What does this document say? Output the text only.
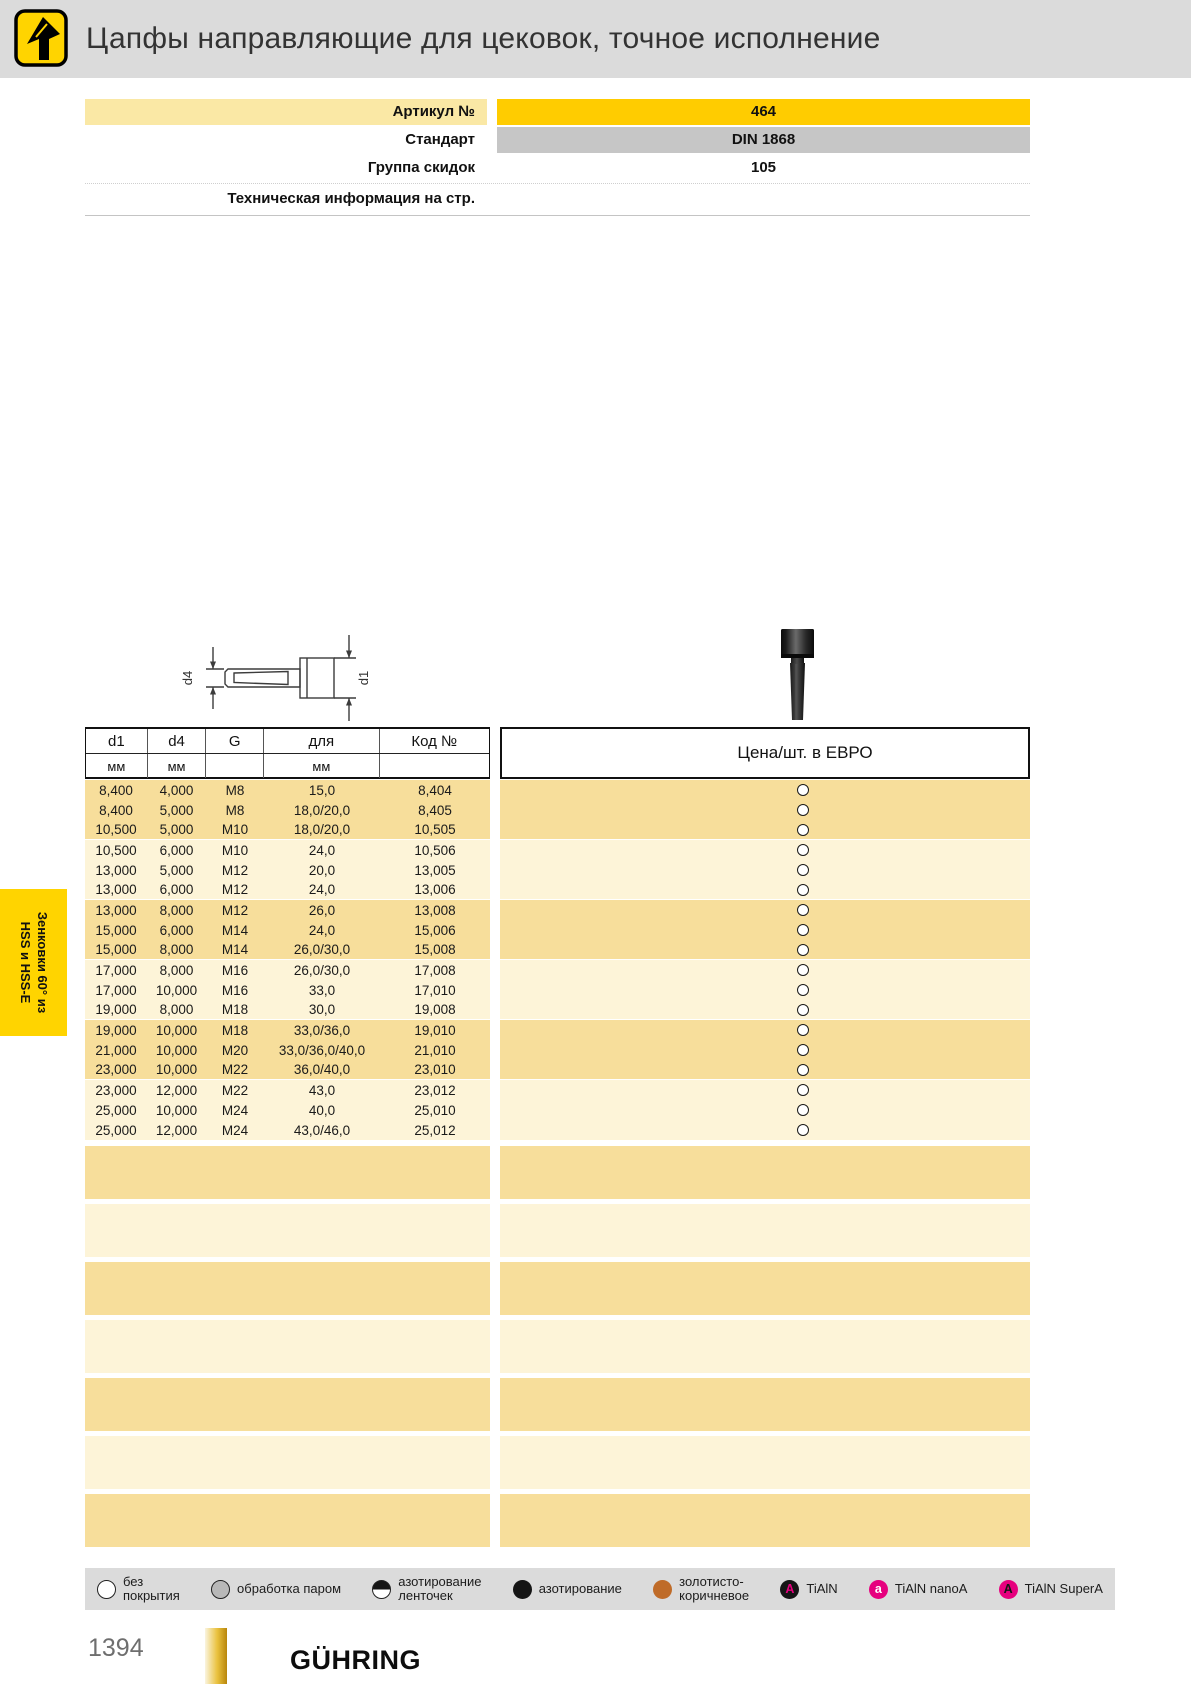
Цапфы направляющие для цековок, точное исполнение
Артикул №	464
Стандарт	DIN 1868
Группа скидок	105
Техническая информация на стр.
d4	d1
d1	d4	G	для	Код №
мм	мм	мм
Цена/шт. в ЕВРО
8,400	4,000	M8	15,0	8,404
8,400	5,000	M8	18,0/20,0	8,405
10,500	5,000	M10	18,0/20,0	10,505
10,500	6,000	M10	24,0	10,506
13,000	5,000	M12	20,0	13,005
13,000	6,000	M12	24,0	13,006
13,000	8,000	M12	26,0	13,008
15,000	6,000	M14	24,0	15,006
15,000	8,000	M14	26,0/30,0	15,008
17,000	8,000	M16	26,0/30,0	17,008
17,000	10,000	M16	33,0	17,010
19,000	8,000	M18	30,0	19,008
19,000	10,000	M18	33,0/36,0	19,010
21,000	10,000	M20	33,0/36,0/40,0	21,010
23,000	10,000	M22	36,0/40,0	23,010
23,000	12,000	M22	43,0	23,012
25,000	10,000	M24	40,0	25,010
25,000	12,000	M24	43,0/46,0	25,012
Зенковки 60° из
HSS и HSS-E
без
покрытия	обработка паром	азотирование
ленточек	азотирование	золотисто-
коричневое	A TiAlN	a	TiAlN nanoA	A TiAlN SuperA
1394	GÜHRING
